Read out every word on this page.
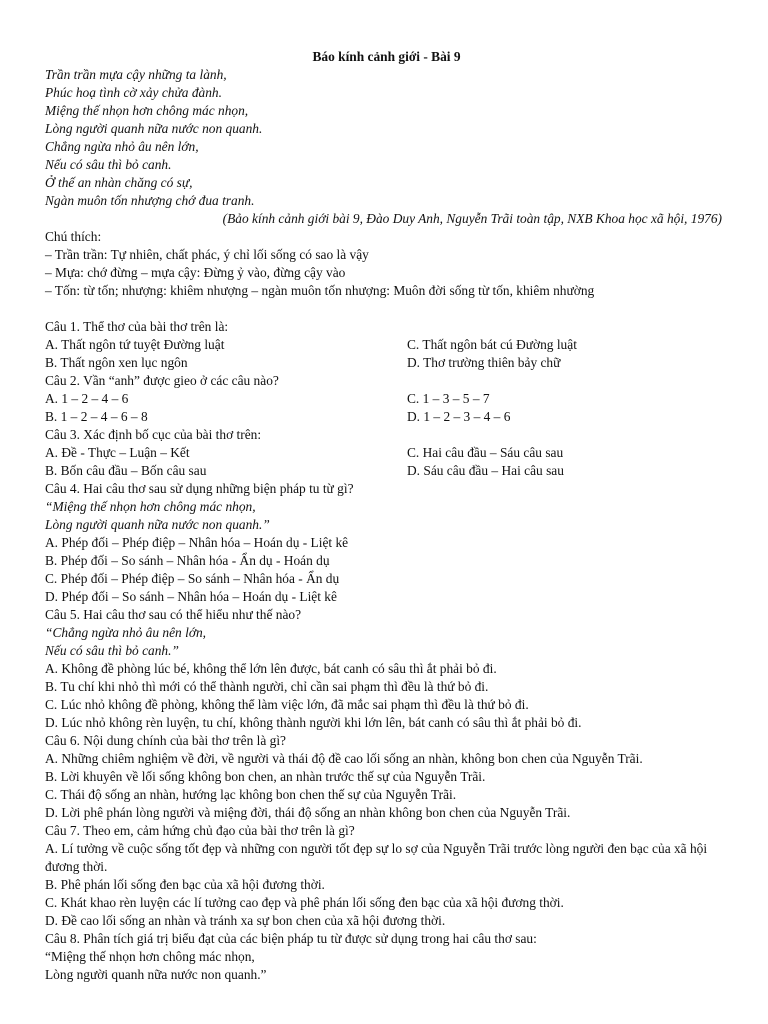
Báo kính cảnh giới - Bài 9
Trần trần mựa cậy những ta lành,
Phúc hoạ tình cờ xảy chửa đành.
Miệng thế nhọn hơn chông mác nhọn,
Lòng người quanh nữa nước non quanh.
Chẳng ngừa nhỏ âu nên lớn,
Nếu có sâu thì bỏ canh.
Ở thế an nhàn chăng có sự,
Ngàn muôn tốn nhượng chớ đua tranh.
(Bảo kính cảnh giới bài 9, Đào Duy Anh, Nguyễn Trãi toàn tập, NXB Khoa học xã hội, 1976)
Chú thích:
– Trần trần: Tự nhiên, chất phác, ý chỉ lối sống có sao là vậy
– Mựa: chớ đừng – mựa cậy: Đừng ỷ vào, đừng cậy vào
– Tốn: từ tốn; nhượng: khiêm nhượng – ngàn muôn tốn nhượng: Muôn đời sống từ tốn, khiêm nhường
Câu 1. Thể thơ của bài thơ trên là:
A. Thất ngôn tứ tuyệt Đường luật	C. Thất ngôn bát cú Đường luật
B. Thất ngôn xen lục ngôn	D. Thơ trường thiên bảy chữ
Câu 2. Vần “anh” được gieo ở các câu nào?
A. 1 – 2 – 4 – 6	C. 1 – 3 – 5 – 7
B. 1 – 2 – 4 – 6 – 8	D. 1 – 2 – 3 – 4 – 6
Câu 3. Xác định bố cục của bài thơ trên:
A. Đề - Thực – Luận – Kết	C. Hai câu đầu – Sáu câu sau
B. Bốn câu đầu – Bốn câu sau	D. Sáu câu đầu – Hai câu sau
Câu 4. Hai câu thơ sau sử dụng những biện pháp tu từ gì?
“Miệng thế nhọn hơn chông mác nhọn,
Lòng người quanh nữa nước non quanh.”
A. Phép đối – Phép điệp – Nhân hóa – Hoán dụ - Liệt kê
B. Phép đối – So sánh – Nhân hóa - Ẩn dụ - Hoán dụ
C. Phép đối – Phép điệp – So sánh – Nhân hóa - Ẩn dụ
D. Phép đối – So sánh – Nhân hóa – Hoán dụ - Liệt kê
Câu 5. Hai câu thơ sau có thể hiểu như thế nào?
“Chẳng ngừa nhỏ âu nên lớn,
Nếu có sâu thì bỏ canh.”
A. Không đề phòng lúc bé, không thể lớn lên được, bát canh có sâu thì ắt phải bỏ đi.
B. Tu chí khi nhỏ thì mới có thể thành người, chỉ cần sai phạm thì đều là thứ bỏ đi.
C. Lúc nhỏ không đề phòng, không thể làm việc lớn, đã mắc sai phạm thì đều là thứ bỏ đi.
D. Lúc nhỏ không rèn luyện, tu chí, không thành người khi lớn lên, bát canh có sâu thì ắt phải bỏ đi.
Câu 6. Nội dung chính của bài thơ trên là gì?
A. Những chiêm nghiệm về đời, về người và thái độ đề cao lối sống an nhàn, không bon chen của Nguyễn Trãi.
B. Lời khuyên về lối sống không bon chen, an nhàn trước thế sự của Nguyễn Trãi.
C. Thái độ sống an nhàn, hướng lạc không bon chen thế sự của Nguyễn Trãi.
D. Lời phê phán lòng người và miệng đời, thái độ sống an nhàn không bon chen của Nguyễn Trãi.
Câu 7. Theo em, cảm hứng chủ đạo của bài thơ trên là gì?
A. Lí tưởng về cuộc sống tốt đẹp và những con người tốt đẹp sự lo sợ của Nguyễn Trãi trước lòng người đen bạc của xã hội đương thời.
B. Phê phán lối sống đen bạc của xã hội đương thời.
C. Khát khao rèn luyện các lí tưởng cao đẹp và phê phán lối sống đen bạc của xã hội đương thời.
D. Đề cao lối sống an nhàn và tránh xa sự bon chen của xã hội đương thời.
Câu 8. Phân tích giá trị biểu đạt của các biện pháp tu từ được sử dụng trong hai câu thơ sau:
“Miệng thế nhọn hơn chông mác nhọn,
Lòng người quanh nữa nước non quanh.”
